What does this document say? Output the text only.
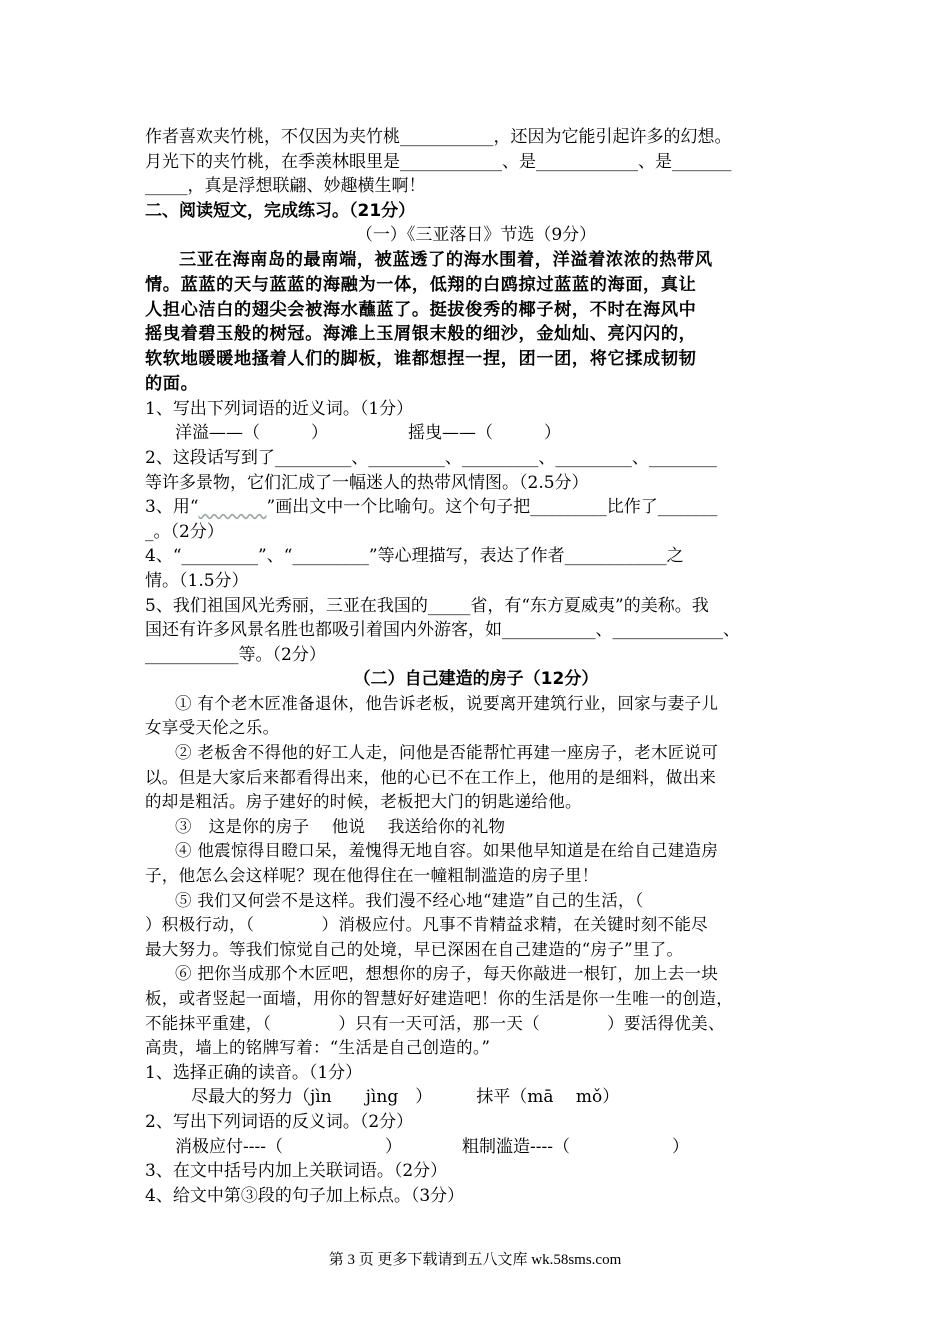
作者喜欢夹竹桃，不仅因为夹竹桃___________，还因为它能引起许多的幻想。
月光下的夹竹桃，在季羡林眼里是____________、是____________、是_______
_____，真是浮想联翩、妙趣横生啊！
二、阅读短文，完成练习。（21分）
（一）《三亚落日》节选（9分）
三亚在海南岛的最南端，被蓝透了的海水围着，洋溢着浓浓的热带风
情。蓝蓝的天与蓝蓝的海融为一体，低翔的白鸥掠过蓝蓝的海面，真让
人担心洁白的翅尖会被海水蘸蓝了。挺拔俊秀的椰子树，不时在海风中
摇曳着碧玉般的树冠。海滩上玉屑银末般的细沙，金灿灿、亮闪闪的，
软软地暖暖地搔着人们的脚板，谁都想捏一捏，团一团，将它揉成韧韧
的面。
1、写出下列词语的近义词。（1分）
洋溢——（　　　）	摇曳——（　　　）
2、这段话写到了_________、_________、_________、_________、________
等许多景物，它们汇成了一幅迷人的热带风情图。（2.5分）
3、用“	”画出文中一个比喻句。这个句子把_________比作了_______
_。（2分）
4、“_________”、“_________”等心理描写，表达了作者____________之
情。（1.5分）
5、我们祖国风光秀丽，三亚在我国的_____省，有“东方夏威夷”的美称。我
国还有许多风景名胜也都吸引着国内外游客，如___________、_____________、
___________等。（2分）
（二）自己建造的房子（12分）
① 有个老木匠准备退休，他告诉老板，说要离开建筑行业，回家与妻子儿
女享受天伦之乐。
② 老板舍不得他的好工人走，问他是否能帮忙再建一座房子，老木匠说可
以。但是大家后来都看得出来，他的心已不在工作上，他用的是细料，做出来
的却是粗活。房子建好的时候，老板把大门的钥匙递给他。
③　这是你的房子　 他说　 我送给你的礼物
④ 他震惊得目瞪口呆，羞愧得无地自容。如果他早知道是在给自己建造房
子，他怎么会这样呢？现在他得住在一幢粗制滥造的房子里！
⑤ 我们又何尝不是这样。我们漫不经心地“建造”自己的生活，（
）积极行动，（　　　　）消极应付。凡事不肯精益求精，在关键时刻不能尽
最大努力。等我们惊觉自己的处境，早已深困在自己建造的“房子”里了。
⑥ 把你当成那个木匠吧，想想你的房子，每天你敲进一根钉，加上去一块
板，或者竖起一面墙，用你的智慧好好建造吧！你的生活是你一生唯一的创造，
不能抹平重建，（　　　　）只有一天可活，那一天（　　　　）要活得优美、
高贵，墙上的铭牌写着：“生活是自己创造的。”
1、选择正确的读音。（1分）
尽最大的努力（jìn　　jìng　）	抹平（mā　 mǒ）
2、写出下列词语的反义词。（2分）
消极应付----（　　　　　　）	粗制滥造----（　　　　　　）
3、在文中括号内加上关联词语。（2分）
4、给文中第③段的句子加上标点。（3分）
第 3 页 更多下载请到五八文库 wk.58sms.com
